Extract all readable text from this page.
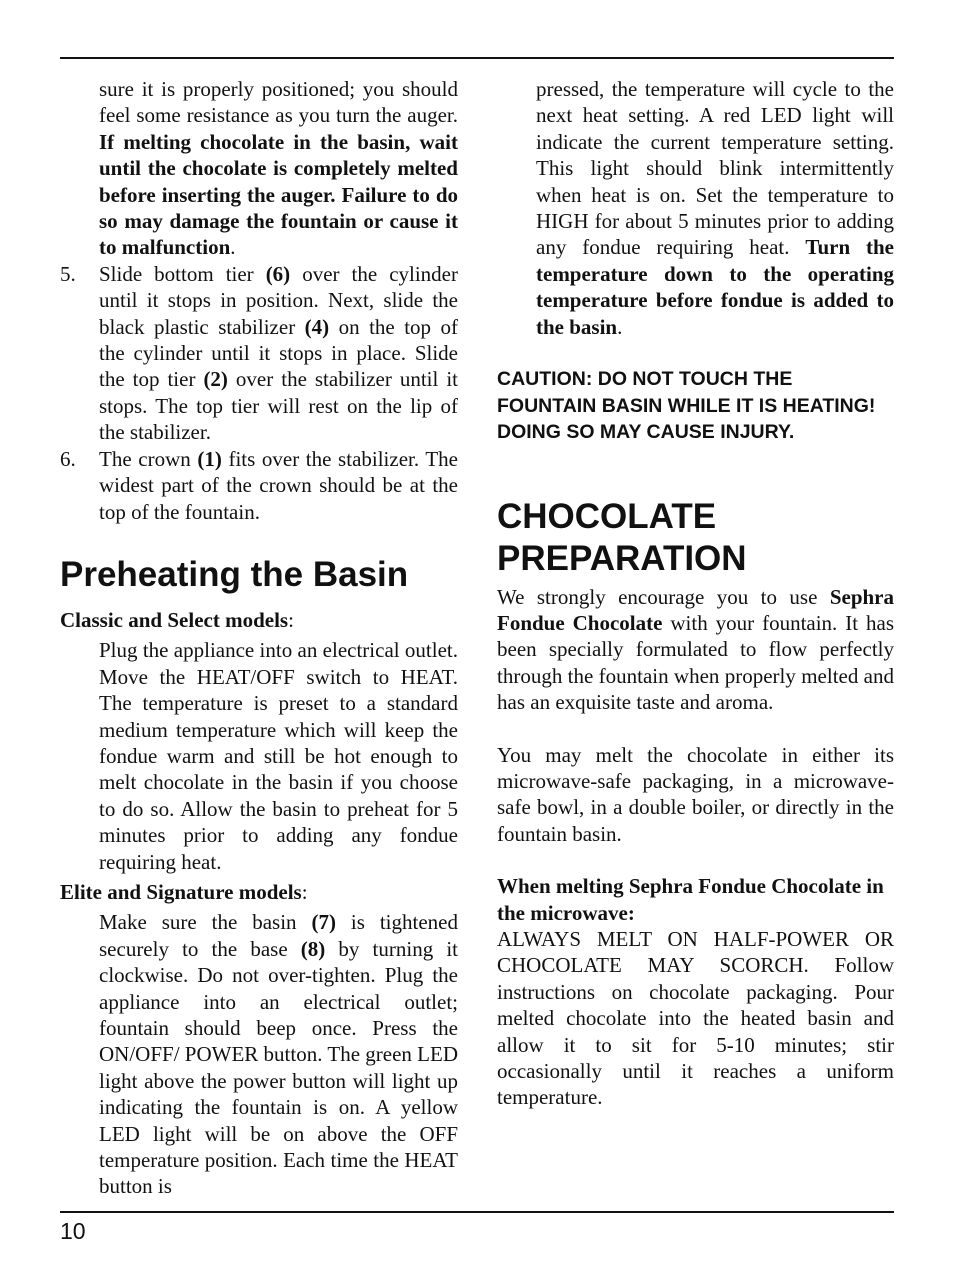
sure it is properly positioned; you should feel some resistance as you turn the auger. If melting chocolate in the basin, wait until the chocolate is completely melted before inserting the auger. Failure to do so may damage the fountain or cause it to malfunction.

5. Slide bottom tier (6) over the cylinder until it stops in position. Next, slide the black plastic stabilizer (4) on the top of the cylinder until it stops in place. Slide the top tier (2) over the stabilizer until it stops. The top tier will rest on the lip of the stabilizer.
6. The crown (1) fits over the stabilizer. The widest part of the crown should be at the top of the fountain.
Preheating the Basin

Classic and Select models:

Plug the appliance into an electrical outlet. Move the HEAT/OFF switch to HEAT. The temperature is preset to a standard medium temperature which will keep the fondue warm and still be hot enough to melt chocolate in the basin if you choose to do so. Allow the basin to preheat for 5 minutes prior to adding any fondue requiring heat.

Elite and Signature models:

Make sure the basin (7) is tightened securely to the base (8) by turning it clockwise. Do not over-tighten. Plug the appliance into an electrical outlet; fountain should beep once. Press the ON/OFF/ POWER button. The green LED light above the power button will light up indicating the fountain is on. A yellow LED light will be on above the OFF temperature position. Each time the HEAT button is

pressed, the temperature will cycle to the next heat setting. A red LED light will indicate the current temperature setting. This light should blink intermittently when heat is on. Set the temperature to HIGH for about 5 minutes prior to adding any fondue requiring heat. Turn the temperature down to the operating temperature before fondue is added to the basin.

CAUTION: DO NOT TOUCH THE FOUNTAIN BASIN WHILE IT IS HEATING! DOING SO MAY CAUSE INJURY.

CHOCOLATE
PREPARATION

We strongly encourage you to use Sephra Fondue Chocolate with your fountain. It has been specially formulated to flow perfectly through the fountain when properly melted and has an exquisite taste and aroma.

You may melt the chocolate in either its microwave-safe packaging, in a microwave-safe bowl, in a double boiler, or directly in the fountain basin.

When melting Sephra Fondue Chocolate in the microwave:

ALWAYS MELT ON HALF-POWER OR CHOCOLATE MAY SCORCH. Follow instructions on chocolate packaging. Pour melted chocolate into the heated basin and allow it to sit for 5-10 minutes; stir occasionally until it reaches a uniform temperature.

10
